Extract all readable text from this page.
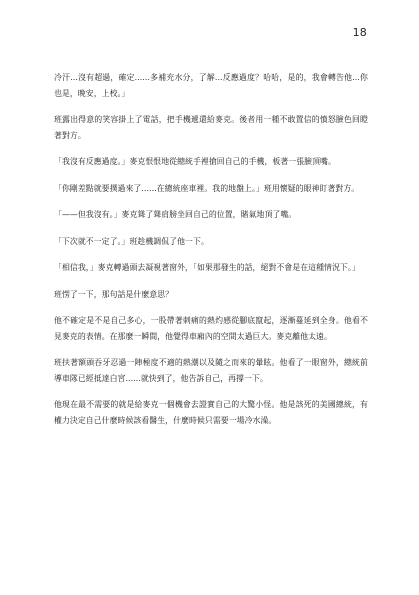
18

冷汗...沒有超過，確定......多補充水分，了解...反應過度？哈哈，是的，我會轉告他...你也是，晚安，上校。」

班露出得意的笑容掛上了電話，把手機遞還給麥克。後者用一種不敢置信的憤怒臉色回瞪著對方。

「我沒有反應過度。」麥克恨恨地從總統手裡搶回自己的手機，板著一張臉頂嘴。

「你剛差點就要撲過來了......在總統座車裡。我的地盤上。」班用懷疑的眼神盯著對方。

「——但我沒有。」麥克聳了聳肩膀坐回自己的位置，賭氣地頂了嘴。

「下次就不一定了。」班趁機調侃了他一下。

「相信我，」麥克轉過頭去凝視著窗外，「如果那發生的話，絕對不會是在這種情況下。」

班愣了一下，那句話是什麼意思？

他不確定是不是自己多心，一股帶著刺痛的熱灼感從腳底竄起，逐漸蔓延到全身。他看不見麥克的表情。在那麼一瞬間，他覺得車廂內的空間太過巨大。麥克離他太遠。

班扶著額頭吞牙忍過一陣極度不適的熱潮以及隨之而來的暈眩。他看了一眼窗外，總統前導車隊已經抵達白宮......就快到了，他告訴自己，再撐一下。

他現在最不需要的就是給麥克一個機會去證實自己的大驚小怪。他是該死的美國總統，有權力決定自己什麼時候該看醫生，什麼時候只需要一場冷水澡。
